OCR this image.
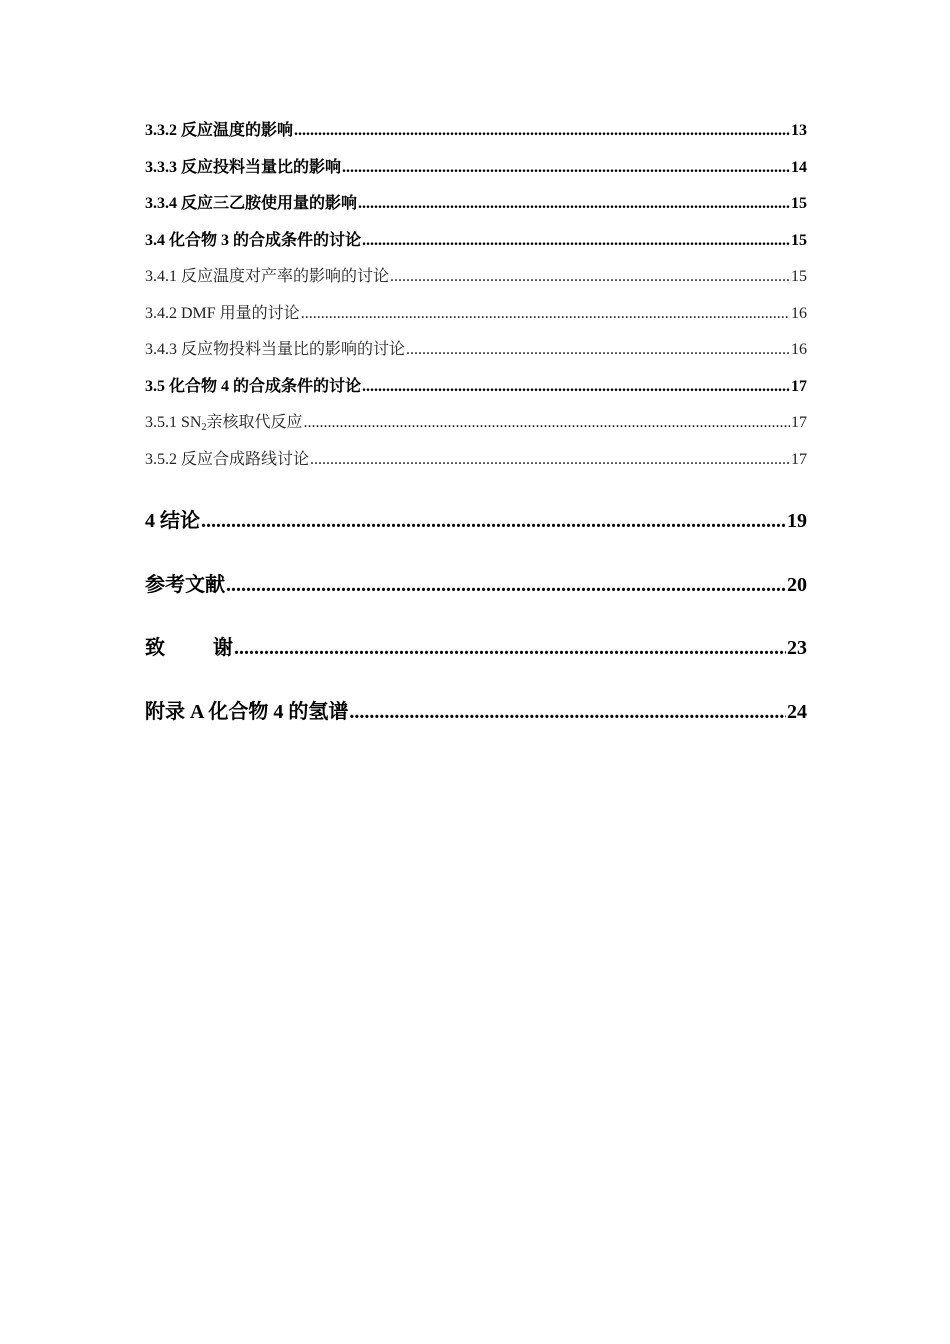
3.3.2 反应温度的影响 .....	13
3.3.3 反应投料当量比的影响 .....	14
3.3.4 反应三乙胺使用量的影响 .....	15
3.4 化合物 3 的合成条件的讨论 .....	15
3.4.1 反应温度对产率的影响的讨论 .....	15
3.4.2 DMF 用量的讨论 .....	16
3.4.3 反应物投料当量比的影响的讨论 .....	16
3.5 化合物 4 的合成条件的讨论 .....	17
3.5.1 $SN_2$亲核取代反应 .....	17
3.5.2 反应合成路线讨论 .....	17
4 结论 .....	19
参考文献 .....	20
致 谢 .....	23
附录 A 化合物 4 的氢谱 .....	24
